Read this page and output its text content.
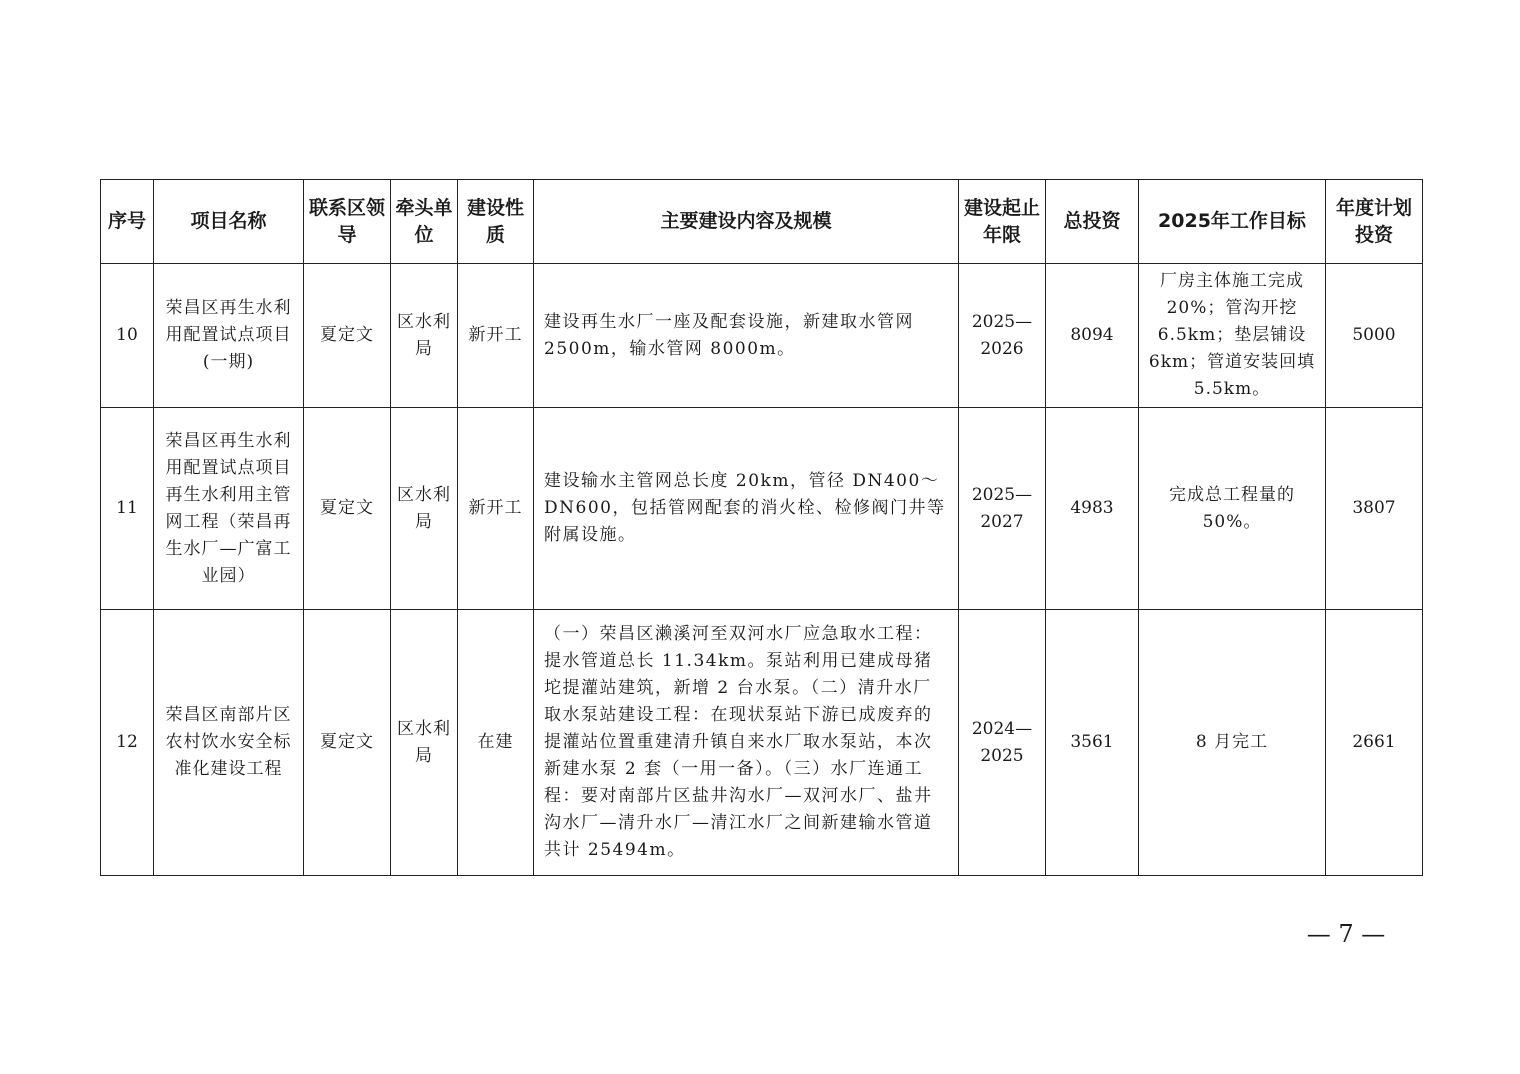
序号	项目名称	联系区领导	牵头单位	建设性质	主要建设内容及规模	建设起止年限	总投资	2025年工作目标	年度计划投资
10	荣昌区再生水利用配置试点项目(一期)	夏定文	区水利局	新开工	建设再生水厂一座及配套设施，新建取水管网 2500m，输水管网 8000m。	2025—2026	8094	厂房主体施工完成 20%；管沟开挖 6.5km；垫层铺设 6km；管道安装回填 5.5km。	5000
11	荣昌区再生水利用配置试点项目再生水利用主管网工程（荣昌再生水厂—广富工业园）	夏定文	区水利局	新开工	建设输水主管网总长度 20km，管径 DN400～DN600，包括管网配套的消火栓、检修阀门井等附属设施。	2025—2027	4983	完成总工程量的 50%。	3807
12	荣昌区南部片区农村饮水安全标准化建设工程	夏定文	区水利局	在建	（一）荣昌区濑溪河至双河水厂应急取水工程：提水管道总长 11.34km。泵站利用已建成母猪坨提灌站建筑，新增 2 台水泵。（二）清升水厂取水泵站建设工程：在现状泵站下游已成废弃的提灌站位置重建清升镇自来水厂取水泵站，本次新建水泵 2 套（一用一备）。（三）水厂连通工程：要对南部片区盐井沟水厂—双河水厂、盐井沟水厂—清升水厂—清江水厂之间新建输水管道共计 25494m。	2024—2025	3561	8 月完工	2661
— 7 —
